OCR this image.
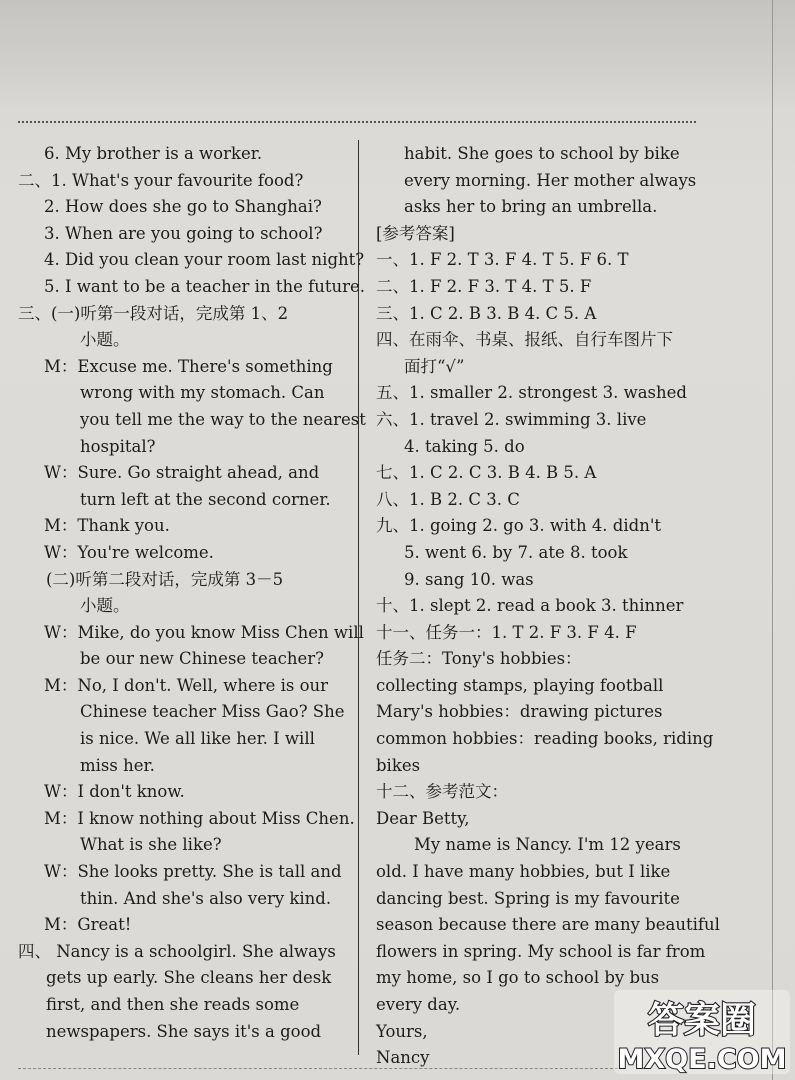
6. My brother is a worker.
二、1. What's your favourite food?
2. How does she go to Shanghai?
3. When are you going to school?
4. Did you clean your room last night?
5. I want to be a teacher in the future.
三、(一)听第一段对话，完成第 1、2
小题。
M：Excuse me. There's something
wrong with my stomach. Can
you tell me the way to the nearest
hospital?
W：Sure. Go straight ahead, and
turn left at the second corner.
M：Thank you.
W：You're welcome.
(二)听第二段对话，完成第 3－5
小题。
W：Mike, do you know Miss Chen will
be our new Chinese teacher?
M：No, I don't. Well, where is our
Chinese teacher Miss Gao? She
is nice. We all like her. I will
miss her.
W：I don't know.
M：I know nothing about Miss Chen.
What is she like?
W：She looks pretty. She is tall and
thin. And she's also very kind.
M：Great!
四、 Nancy is a schoolgirl. She always
gets up early. She cleans her desk
first, and then she reads some
newspapers. She says it's a good
habit. She goes to school by bike
every morning. Her mother always
asks her to bring an umbrella.
[参考答案]
一、1. F 2. T 3. F 4. T 5. F 6. T
二、1. F 2. F 3. T 4. T 5. F
三、1. C 2. B 3. B 4. C 5. A
四、在雨伞、书桌、报纸、自行车图片下
面打“√”
五、1. smaller 2. strongest 3. washed
六、1. travel 2. swimming 3. live
4. taking 5. do
七、1. C 2. C 3. B 4. B 5. A
八、1. B 2. C 3. C
九、1. going 2. go 3. with 4. didn't
5. went 6. by 7. ate 8. took
9. sang 10. was
十、1. slept 2. read a book 3. thinner
十一、任务一：1. T 2. F 3. F 4. F
任务二：Tony's hobbies：
collecting stamps, playing football
Mary's hobbies：drawing pictures
common hobbies：reading books, riding
bikes
十二、参考范文：
Dear Betty,
My name is Nancy. I'm 12 years
old. I have many hobbies, but I like
dancing best. Spring is my favourite
season because there are many beautiful
flowers in spring. My school is far from
my home, so I go to school by bus
every day.
Yours,
Nancy
答案圈
MXQE.COM
